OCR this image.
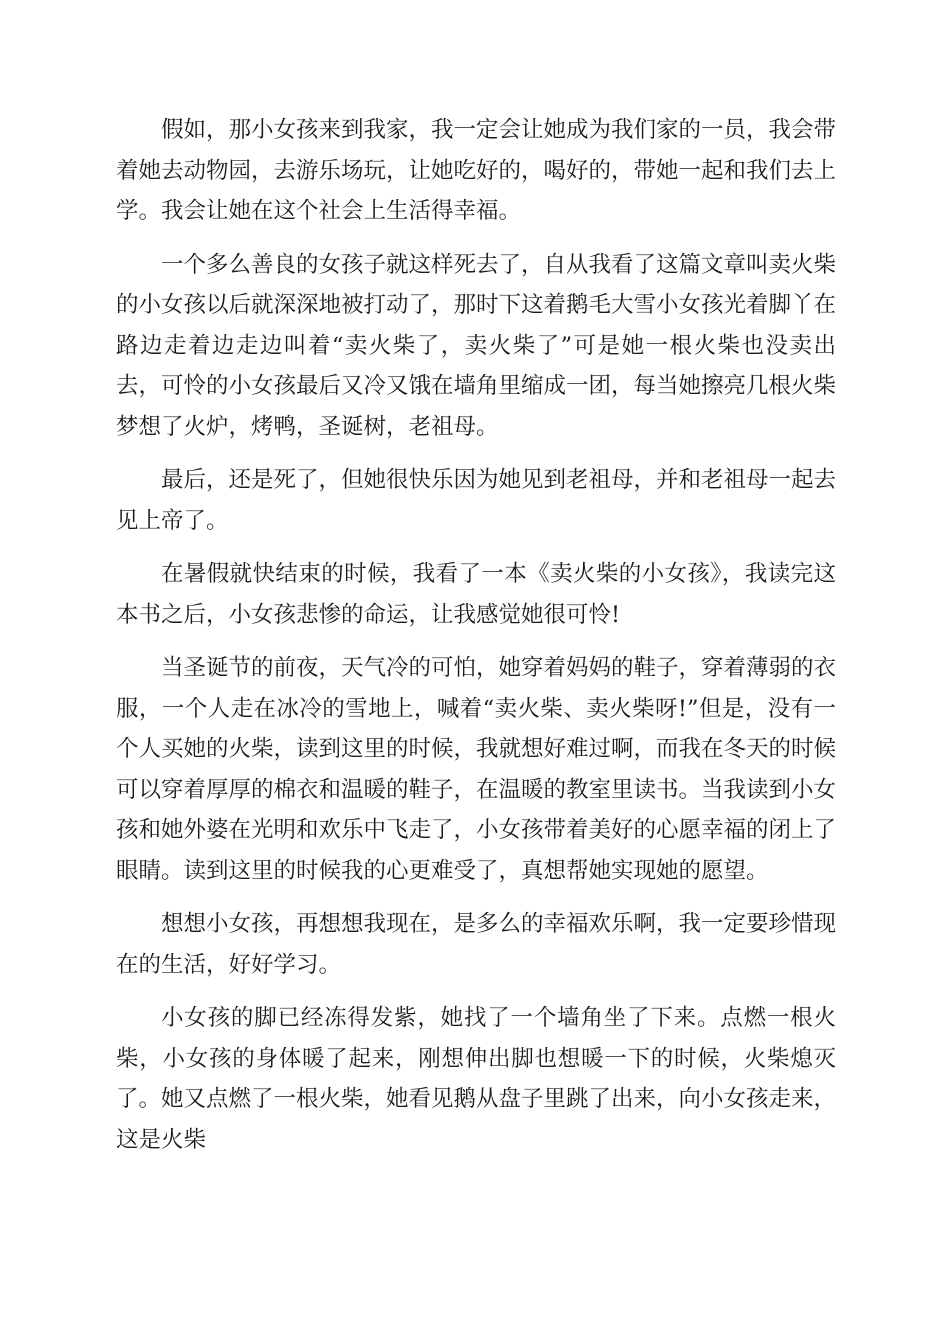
假如，那小女孩来到我家，我一定会让她成为我们家的一员，我会带着她去动物园，去游乐场玩，让她吃好的，喝好的，带她一起和我们去上学。我会让她在这个社会上生活得幸福。

一个多么善良的女孩子就这样死去了，自从我看了这篇文章叫卖火柴的小女孩以后就深深地被打动了，那时下这着鹅毛大雪小女孩光着脚丫在路边走着边走边叫着“卖火柴了，卖火柴了”可是她一根火柴也没卖出去，可怜的小女孩最后又冷又饿在墙角里缩成一团，每当她擦亮几根火柴梦想了火炉，烤鸭，圣诞树，老祖母。

最后，还是死了，但她很快乐因为她见到老祖母，并和老祖母一起去见上帝了。

在暑假就快结束的时候，我看了一本《卖火柴的小女孩》，我读完这本书之后，小女孩悲惨的命运，让我感觉她很可怜!

当圣诞节的前夜，天气冷的可怕，她穿着妈妈的鞋子，穿着薄弱的衣服，一个人走在冰冷的雪地上，喊着“卖火柴、卖火柴呀!”但是，没有一个人买她的火柴，读到这里的时候，我就想好难过啊，而我在冬天的时候可以穿着厚厚的棉衣和温暖的鞋子，在温暖的教室里读书。当我读到小女孩和她外婆在光明和欢乐中飞走了，小女孩带着美好的心愿幸福的闭上了眼睛。读到这里的时候我的心更难受了，真想帮她实现她的愿望。

想想小女孩，再想想我现在，是多么的幸福欢乐啊，我一定要珍惜现在的生活，好好学习。

小女孩的脚已经冻得发紫，她找了一个墙角坐了下来。点燃一根火柴，小女孩的身体暖了起来，刚想伸出脚也想暖一下的时候，火柴熄灭了。她又点燃了一根火柴，她看见鹅从盘子里跳了出来，向小女孩走来，这是火柴
